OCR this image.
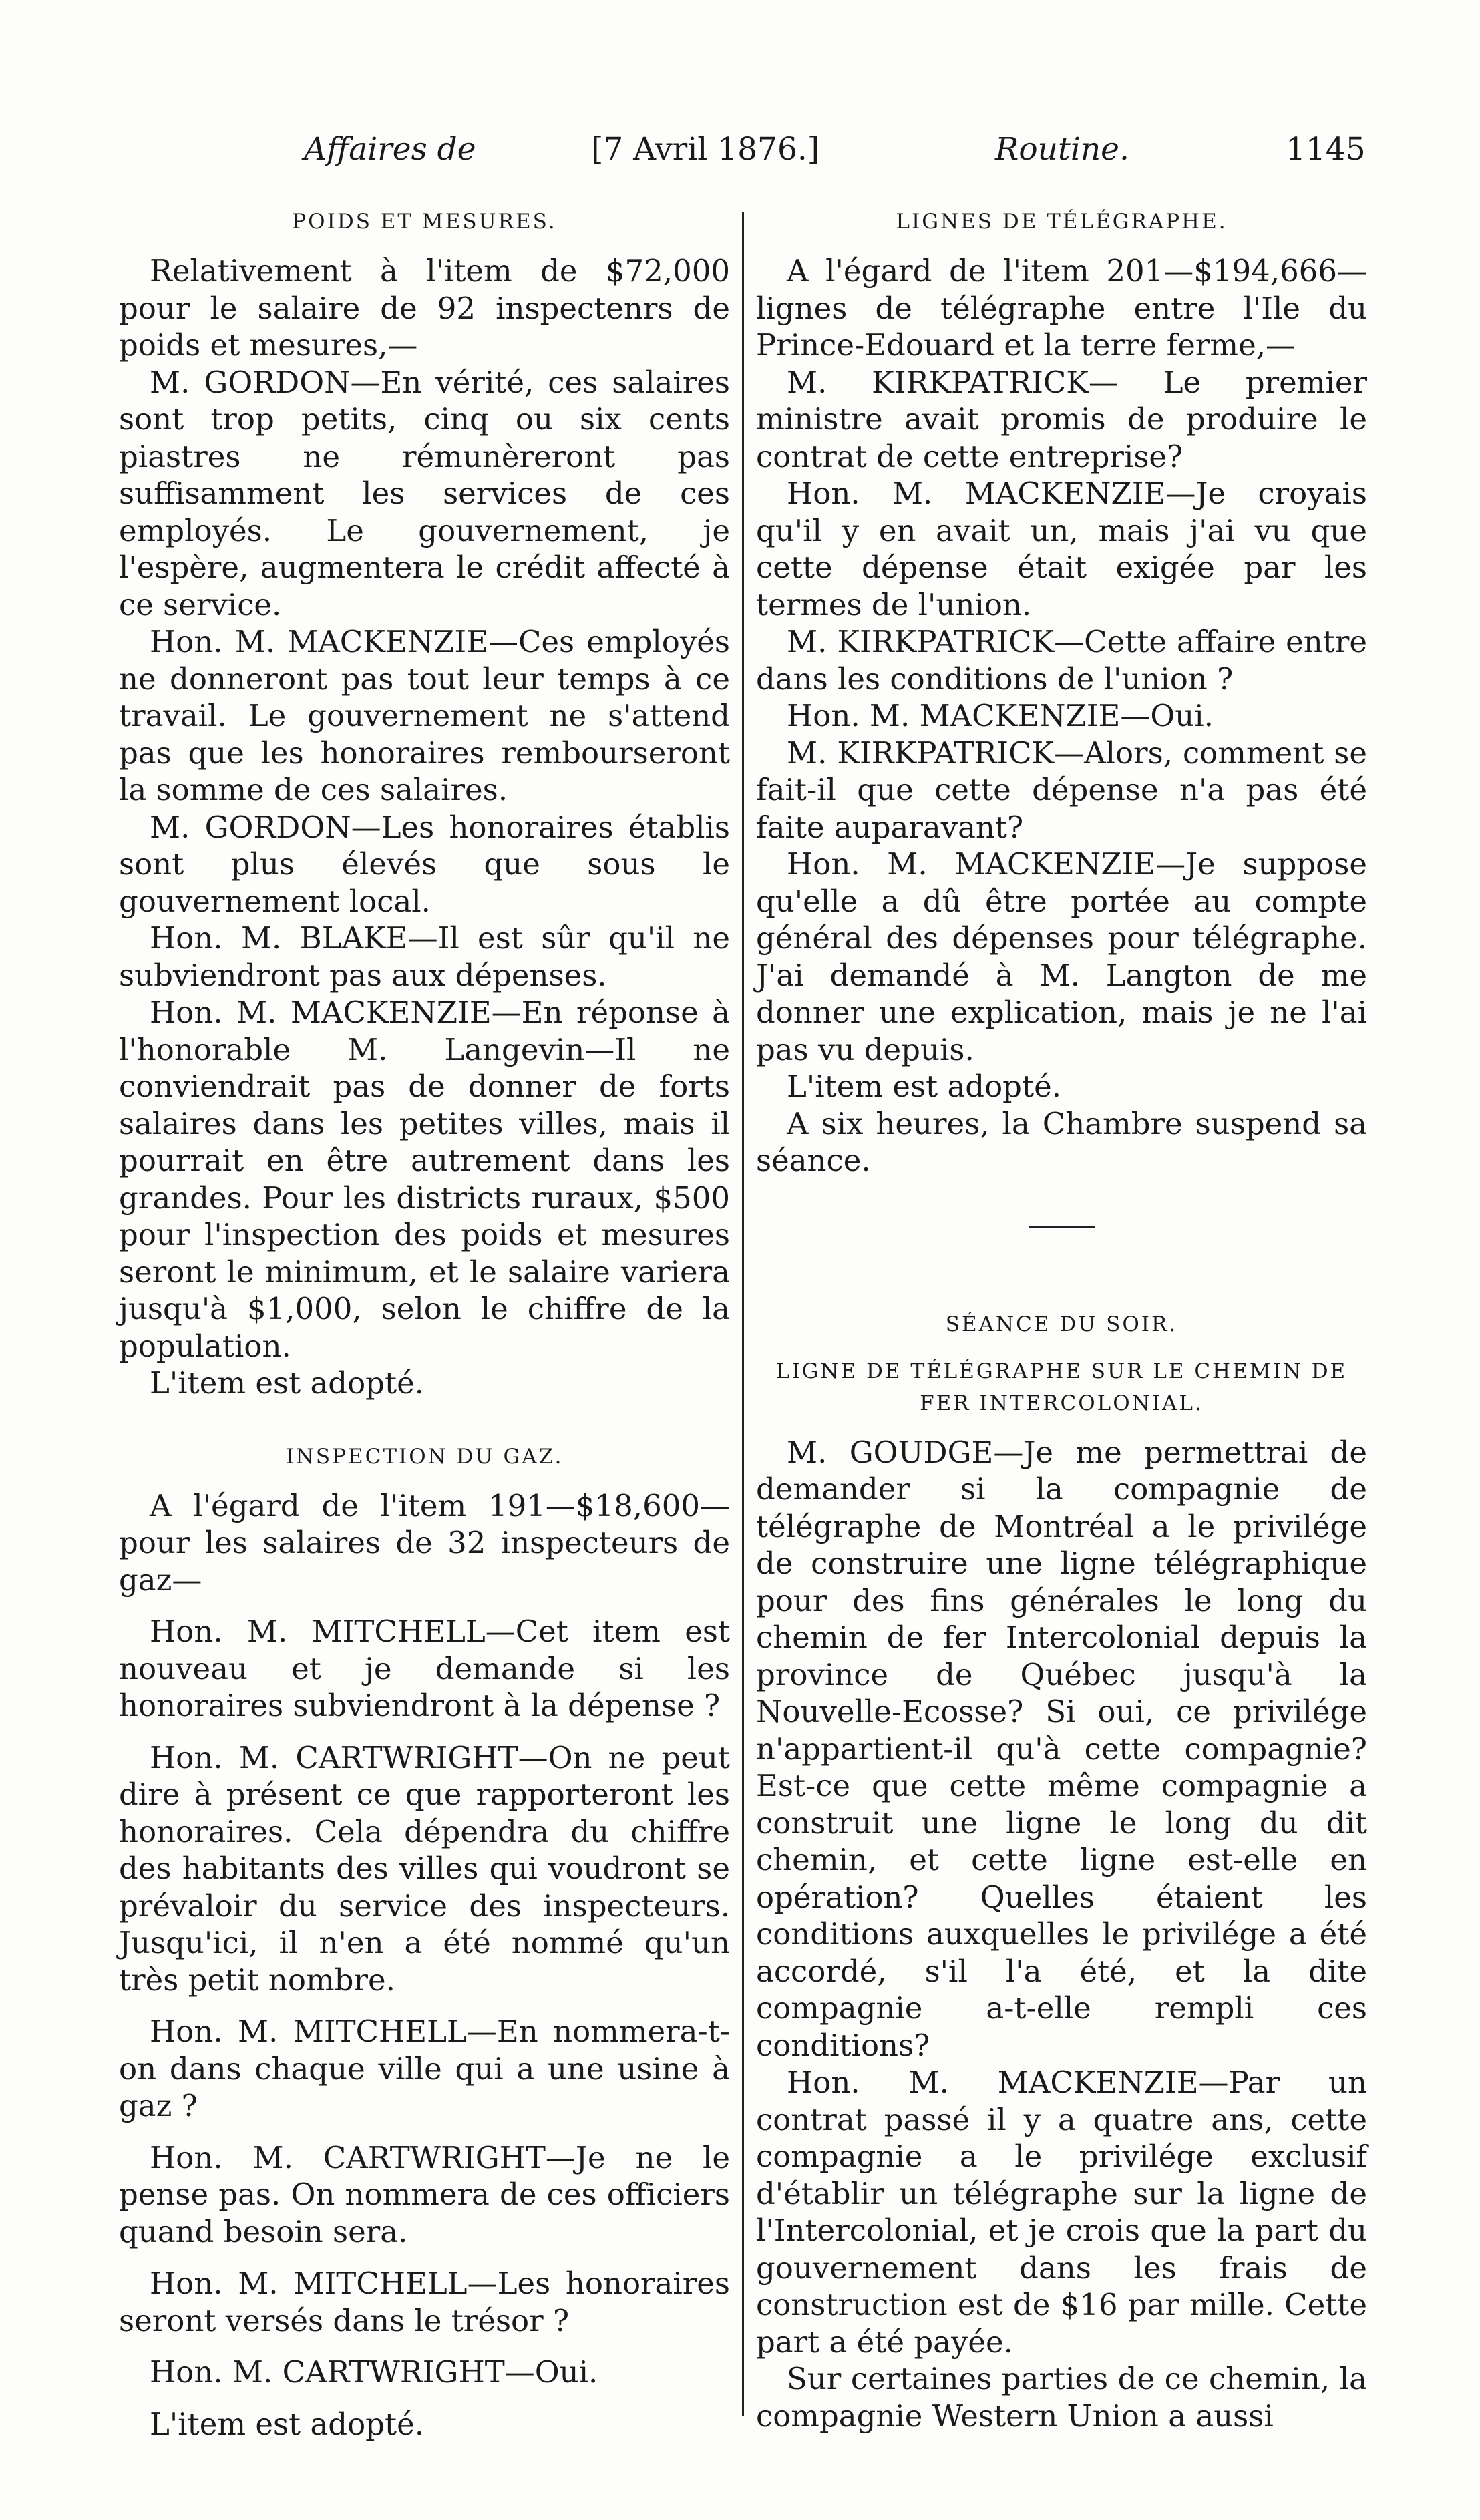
Affaires de	[7 Avril 1876.]	Routine.	1145
POIDS ET MESURES.

Relativement à l'item de $72,000 pour le salaire de 92 inspectenrs de poids et mesures,—

M. GORDON—En vérité, ces salaires sont trop petits, cinq ou six cents piastres ne rémunèreront pas suffisamment les services de ces employés. Le gouvernement, je l'espère, augmentera le crédit affecté à ce service.

Hon. M. MACKENZIE—Ces employés ne donneront pas tout leur temps à ce travail. Le gouvernement ne s'attend pas que les honoraires rembourseront la somme de ces salaires.

M. GORDON—Les honoraires établis sont plus élevés que sous le gouvernement local.

Hon. M. BLAKE—Il est sûr qu'il ne subviendront pas aux dépenses.

Hon. M. MACKENZIE—En réponse à l'honorable M. Langevin—Il ne conviendrait pas de donner de forts salaires dans les petites villes, mais il pourrait en être autrement dans les grandes. Pour les districts ruraux, $500 pour l'inspection des poids et mesures seront le minimum, et le salaire variera jusqu'à $1,000, selon le chiffre de la population.

L'item est adopté.

INSPECTION DU GAZ.

A l'égard de l'item 191—$18,600—pour les salaires de 32 inspecteurs de gaz—

Hon. M. MITCHELL—Cet item est nouveau et je demande si les honoraires subviendront à la dépense ?

Hon. M. CARTWRIGHT—On ne peut dire à présent ce que rapporteront les honoraires. Cela dépendra du chiffre des habitants des villes qui voudront se prévaloir du service des inspecteurs. Jusqu'ici, il n'en a été nommé qu'un très petit nombre.

Hon. M. MITCHELL—En nommera-t-on dans chaque ville qui a une usine à gaz ?

Hon. M. CARTWRIGHT—Je ne le pense pas. On nommera de ces officiers quand besoin sera.

Hon. M. MITCHELL—Les honoraires seront versés dans le trésor ?

Hon. M. CARTWRIGHT—Oui.

L'item est adopté.

LIGNES DE TÉLÉGRAPHE.

A l'égard de l'item 201—$194,666—lignes de télégraphe entre l'Ile du Prince-Edouard et la terre ferme,—

M. KIRKPATRICK— Le premier ministre avait promis de produire le contrat de cette entreprise?

Hon. M. MACKENZIE—Je croyais qu'il y en avait un, mais j'ai vu que cette dépense était exigée par les termes de l'union.

M. KIRKPATRICK—Cette affaire entre dans les conditions de l'union ?

Hon. M. MACKENZIE—Oui.

M. KIRKPATRICK—Alors, comment se fait-il que cette dépense n'a pas été faite auparavant?

Hon. M. MACKENZIE—Je suppose qu'elle a dû être portée au compte général des dépenses pour télégraphe. J'ai demandé à M. Langton de me donner une explication, mais je ne l'ai pas vu depuis.

L'item est adopté.

A six heures, la Chambre suspend sa séance.

SÉANCE DU SOIR.
LIGNE DE TÉLÉGRAPHE SUR LE CHEMIN DE FER INTERCOLONIAL.

M. GOUDGE—Je me permettrai de demander si la compagnie de télégraphe de Montréal a le privilége de construire une ligne télégraphique pour des fins générales le long du chemin de fer Intercolonial depuis la province de Québec jusqu'à la Nouvelle-Ecosse? Si oui, ce privilége n'appartient-il qu'à cette compagnie? Est-ce que cette même compagnie a construit une ligne le long du dit chemin, et cette ligne est-elle en opération? Quelles étaient les conditions auxquelles le privilége a été accordé, s'il l'a été, et la dite compagnie a-t-elle rempli ces conditions?

Hon. M. MACKENZIE—Par un contrat passé il y a quatre ans, cette compagnie a le privilége exclusif d'établir un télégraphe sur la ligne de l'Intercolonial, et je crois que la part du gouvernement dans les frais de construction est de $16 par mille. Cette part a été payée.

Sur certaines parties de ce chemin, la compagnie Western Union a aussi
